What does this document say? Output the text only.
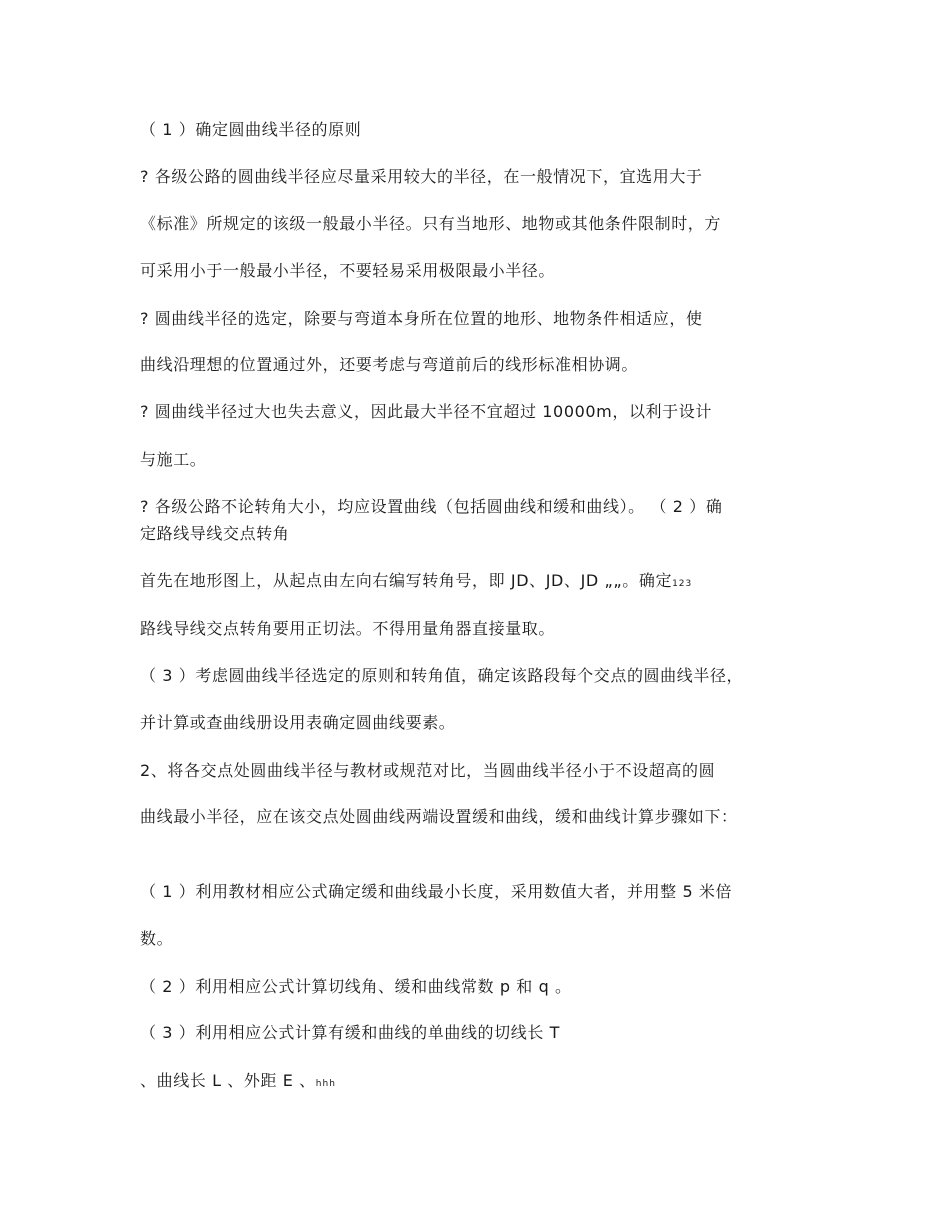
（ 1 ）确定圆曲线半径的原则
? 各级公路的圆曲线半径应尽量采用较大的半径，在一般情况下，宜选用大于
《标准》所规定的该级一般最小半径。只有当地形、地物或其他条件限制时，方
可采用小于一般最小半径，不要轻易采用极限最小半径。
? 圆曲线半径的选定，除要与弯道本身所在位置的地形、地物条件相适应，使
曲线沿理想的位置通过外，还要考虑与弯道前后的线形标准相协调。
? 圆曲线半径过大也失去意义，因此最大半径不宜超过 10000m，以利于设计
与施工。
? 各级公路不论转角大小，均应设置曲线（包括圆曲线和缓和曲线）。 （ 2 ）确
定路线导线交点转角
首先在地形图上，从起点由左向右编写转角号，即 JD、JD、JD „„。确定123
路线导线交点转角要用正切法。不得用量角器直接量取。
（ 3 ）考虑圆曲线半径选定的原则和转角值，确定该路段每个交点的圆曲线半径，
并计算或查曲线册设用表确定圆曲线要素。
2、将各交点处圆曲线半径与教材或规范对比，当圆曲线半径小于不设超高的圆
曲线最小半径，应在该交点处圆曲线两端设置缓和曲线，缓和曲线计算步骤如下：
（ 1 ）利用教材相应公式确定缓和曲线最小长度，采用数值大者，并用整 5 米倍
数。
（ 2 ）利用相应公式计算切线角、缓和曲线常数 p 和 q 。
（ 3 ）利用相应公式计算有缓和曲线的单曲线的切线长 T
、曲线长 L 、外距 E 、hhh
